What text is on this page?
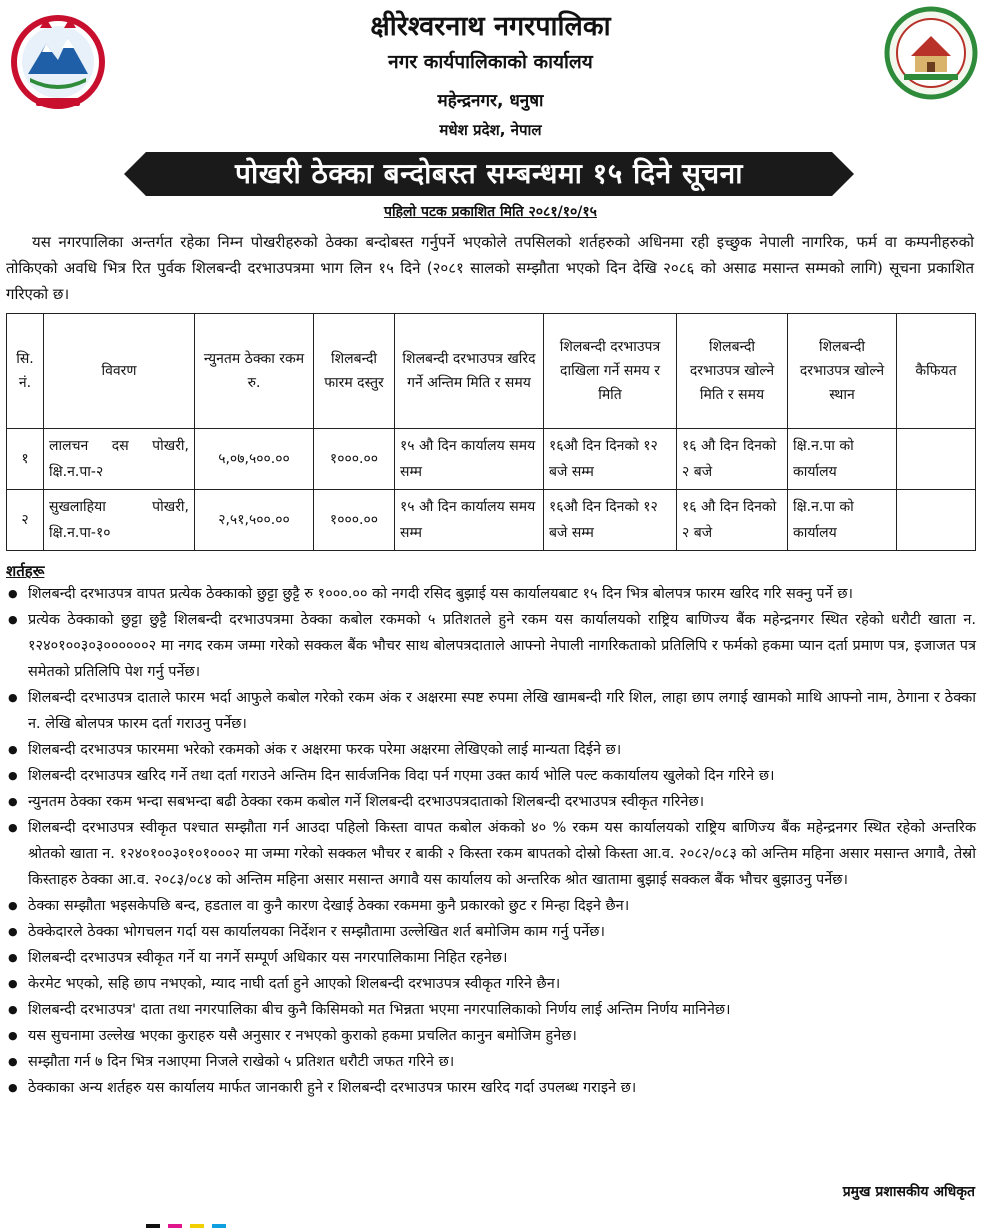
क्षीरेश्वरनाथ नगरपालिका
नगर कार्यपालिकाको कार्यालय
महेन्द्रनगर, धनुषा
मधेश प्रदेश, नेपाल
पोखरी ठेक्का बन्दोबस्त सम्बन्धमा १५ दिने सूचना
पहिलो पटक प्रकाशित मिति २०८१/१०/१५
यस नगरपालिका अन्तर्गत रहेका निम्न पोखरीहरुको ठेक्का बन्दोबस्त गर्नुपर्ने भएकोले तपसिलको शर्तहरुको अधिनमा रही इच्छुक नेपाली नागरिक, फर्म वा कम्पनीहरुको तोकिएको अवधि भित्र रित पुर्वक शिलबन्दी दरभाउपत्रमा भाग लिन १५ दिने (२०८१ सालको सम्झौता भएको दिन देखि २०८६ को असाढ मसान्त सम्मको लागि) सूचना प्रकाशित गरिएको छ।
सि. नं.	विवरण	न्युनतम ठेक्का रकम रु.	शिलबन्दी फारम दस्तुर	शिलबन्दी दरभाउपत्र खरिद गर्ने अन्तिम मिति र समय	शिलबन्दी दरभाउपत्र दाखिला गर्ने समय र मिति	शिलबन्दी दरभाउपत्र खोल्ने मिति र समय	शिलबन्दी दरभाउपत्र खोल्ने स्थान	कैफियत
१	लालचन दस पोखरी, क्षि.न.पा-२	५,०७,५००.००	१०००.००	१५ औ दिन कार्यालय समय सम्म	१६औ दिन दिनको १२ बजे सम्म	१६ औ दिन दिनको २ बजे	क्षि.न.पा को कार्यालय	
२	सुखलाहिया पोखरी, क्षि.न.पा-१०	२,५१,५००.००	१०००.००	१५ औ दिन कार्यालय समय सम्म	१६औ दिन दिनको १२ बजे सम्म	१६ औ दिन दिनको २ बजे	क्षि.न.पा को कार्यालय	
शर्तहरू
● शिलबन्दी दरभाउपत्र वापत प्रत्येक ठेक्काको छुट्टा छुट्टै रु १०००.०० को नगदी रसिद बुझाई यस कार्यालयबाट १५ दिन भित्र बोलपत्र फारम खरिद गरि सक्नु पर्ने छ।
● प्रत्येक ठेक्काको छुट्टा छुट्टै शिलबन्दी दरभाउपत्रमा ठेक्का कबोल रकमको ५ प्रतिशतले हुने रकम यस कार्यालयको राष्ट्रिय बाणिज्य बैंक महेन्द्रनगर स्थित रहेको धरौटी खाता न. १२४०१००३०३००००००२ मा नगद रकम जम्मा गरेको सक्कल बैंक भौचर साथ बोलपत्रदाताले आफ्नो नेपाली नागरिकताको प्रतिलिपि र फर्मको हकमा प्यान दर्ता प्रमाण पत्र, इजाजत पत्र समेतको प्रतिलिपि पेश गर्नु पर्नेछ।
● शिलबन्दी दरभाउपत्र दाताले फारम भर्दा आफुले कबोल गरेको रकम अंक र अक्षरमा स्पष्ट रुपमा लेखि खामबन्दी गरि शिल, लाहा छाप लगाई खामको माथि आफ्नो नाम, ठेगाना र ठेक्का न. लेखि बोलपत्र फारम दर्ता गराउनु पर्नेछ।
● शिलबन्दी दरभाउपत्र फारममा भरेको रकमको अंक र अक्षरमा फरक परेमा अक्षरमा लेखिएको लाई मान्यता दिईने छ।
● शिलबन्दी दरभाउपत्र खरिद गर्ने तथा दर्ता गराउने अन्तिम दिन सार्वजनिक विदा पर्न गएमा उक्त कार्य भोलि पल्ट ककार्यालय खुलेको दिन गरिने छ।
● न्युनतम ठेक्का रकम भन्दा सबभन्दा बढी ठेक्का रकम कबोल गर्ने शिलबन्दी दरभाउपत्रदाताको शिलबन्दी दरभाउपत्र स्वीकृत गरिनेछ।
● शिलबन्दी दरभाउपत्र स्वीकृत पश्चात सम्झौता गर्न आउदा पहिलो किस्ता वापत कबोल अंकको ४० % रकम यस कार्यालयको राष्ट्रिय बाणिज्य बैंक महेन्द्रनगर स्थित रहेको अन्तरिक श्रोतको खाता न. १२४०१००३०१०१०००२ मा जम्मा गरेको सक्कल भौचर र बाकी २ किस्ता रकम बापतको दोस्रो किस्ता आ.व. २०८२/०८३ को अन्तिम महिना असार मसान्त अगावै, तेस्रो किस्ताहरु ठेक्का आ.व. २०८३/०८४ को अन्तिम महिना असार मसान्त अगावै यस कार्यालय को अन्तरिक श्रोत खातामा बुझाई सक्कल बैंक भौचर बुझाउनु पर्नेछ।
● ठेक्का सम्झौता भइसकेपछि बन्द, हडताल वा कुनै कारण देखाई ठेक्का रकममा कुनै प्रकारको छुट र मिन्हा दिइने छैन।
● ठेक्केदारले ठेक्का भोगचलन गर्दा यस कार्यालयका निर्देशन र सम्झौतामा उल्लेखित शर्त बमोजिम काम गर्नु पर्नेछ।
● शिलबन्दी दरभाउपत्र स्वीकृत गर्ने या नगर्ने सम्पूर्ण अधिकार यस नगरपालिकामा निहित रहनेछ।
● केरमेट भएको, सहि छाप नभएको, म्याद नाघी दर्ता हुने आएको शिलबन्दी दरभाउपत्र स्वीकृत गरिने छैन।
● शिलबन्दी दरभाउपत्र' दाता तथा नगरपालिका बीच कुनै किसिमको मत भिन्नता भएमा नगरपालिकाको निर्णय लाई अन्तिम निर्णय मानिनेछ।
● यस सुचनामा उल्लेख भएका कुराहरु यसै अनुसार र नभएको कुराको हकमा प्रचलित कानुन बमोजिम हुनेछ।
● सम्झौता गर्न ७ दिन भित्र नआएमा निजले राखेको ५ प्रतिशत धरौटी जफत गरिने छ।
● ठेक्काका अन्य शर्तहरु यस कार्यालय मार्फत जानकारी हुने र शिलबन्दी दरभाउपत्र फारम खरिद गर्दा उपलब्ध गराइने छ।
प्रमुख प्रशासकीय अधिकृत
